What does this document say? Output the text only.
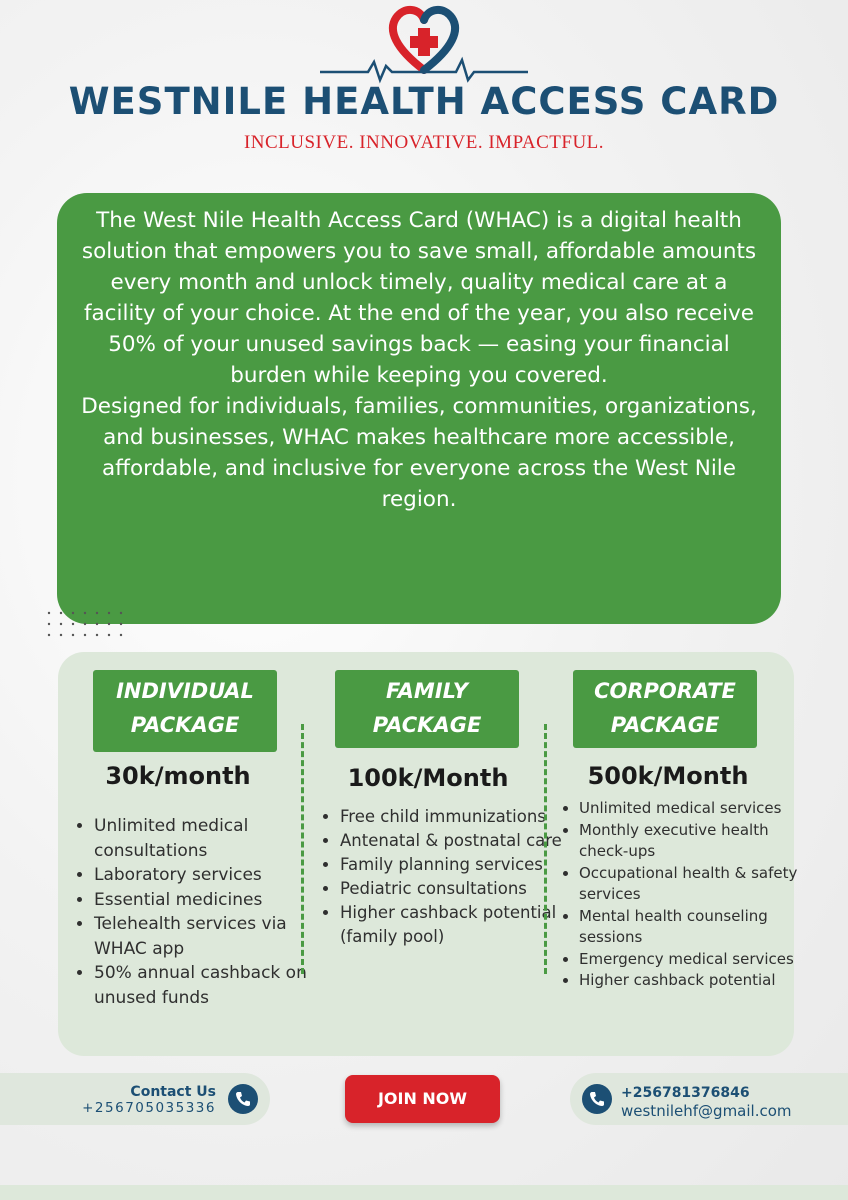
WESTNILE HEALTH ACCESS CARD
INCLUSIVE. INNOVATIVE. IMPACTFUL.

The West Nile Health Access Card (WHAC) is a digital health solution that empowers you to save small, affordable amounts every month and unlock timely, quality medical care at a facility of your choice. At the end of the year, you also receive 50% of your unused savings back — easing your financial burden while keeping you covered.

Designed for individuals, families, communities, organizations, and businesses, WHAC makes healthcare more accessible, affordable, and inclusive for everyone across the West Nile region.

INDIVIDUAL
PACKAGE
30k/month
• Unlimited medical consultations
• Laboratory services
• Essential medicines
• Telehealth services via WHAC app
• 50% annual cashback on unused funds
FAMILY
PACKAGE
100k/Month
• Free child immunizations
• Antenatal & postnatal care
• Family planning services
• Pediatric consultations
• Higher cashback potential (family pool)
CORPORATE
PACKAGE
500k/Month
• Unlimited medical services
• Monthly executive health check-ups
• Occupational health & safety services
• Mental health counseling sessions
• Emergency medical services
• Higher cashback potential
Contact Us
+256705035336	JOIN NOW	+256781376846
westnilehf@gmail.com
